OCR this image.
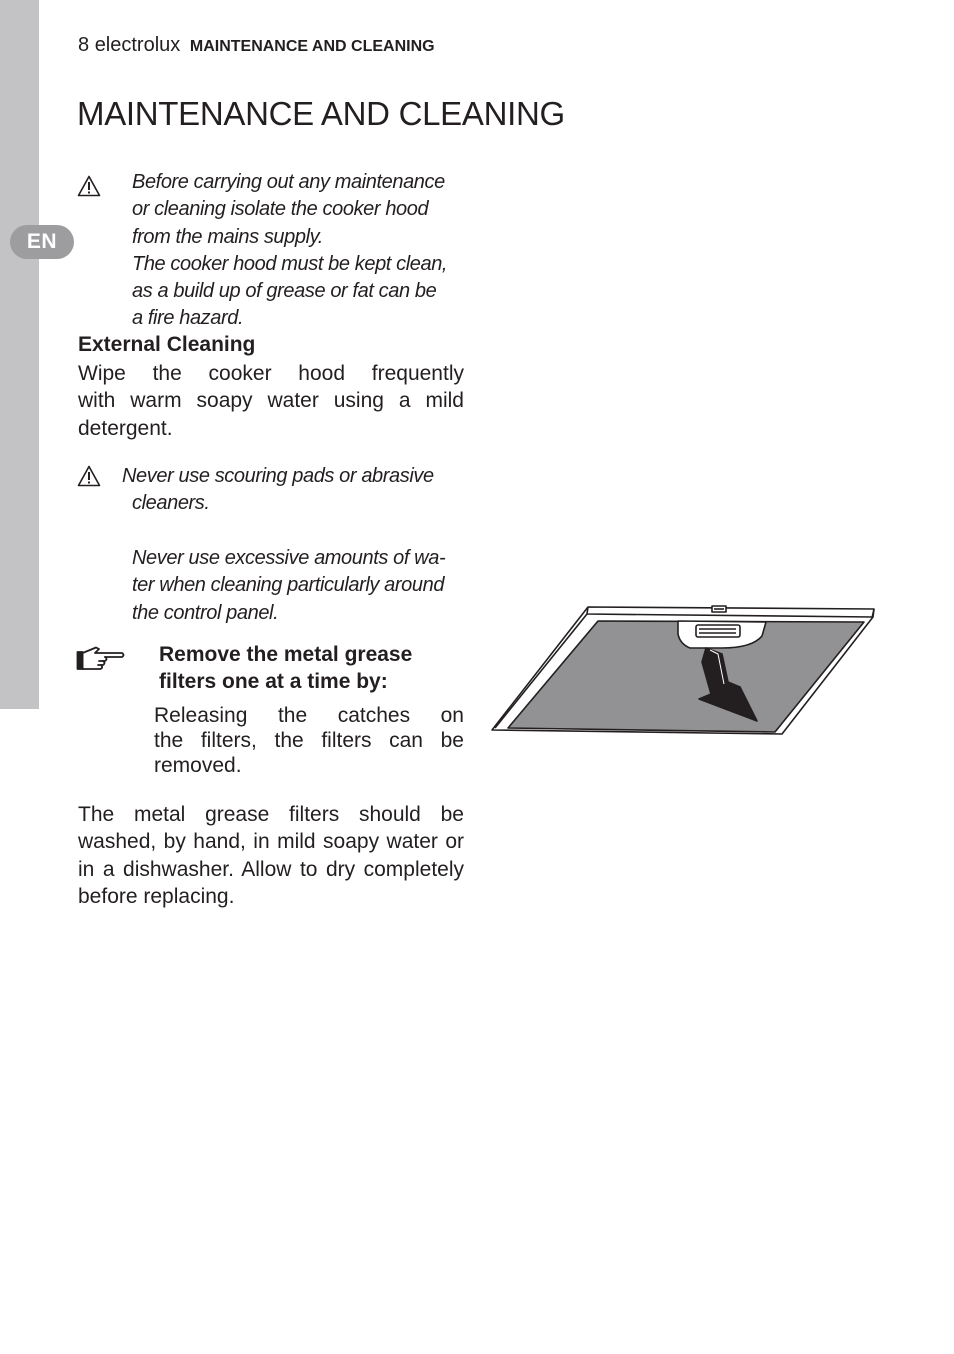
EN
8 electrolux MAINTENANCE AND CLEANING
MAINTENANCE AND CLEANING
Before carrying out any maintenance
or cleaning isolate the cooker hood
from the mains supply.
The cooker hood must be kept clean,
as a build up of grease or fat can be
a fire hazard.
External Cleaning
Wipe the cooker hood frequently
with warm soapy water using a mild
detergent.
Never use scouring pads or abrasive
cleaners.
Never use excessive amounts of wa-
ter when cleaning particularly around
the control panel.
Remove the metal grease
filters one at a time by:
Releasing the catches on
the filters, the filters can be
removed.
The metal grease filters should be
washed, by hand, in mild soapy water or
in a dishwasher. Allow to dry completely
before replacing.
